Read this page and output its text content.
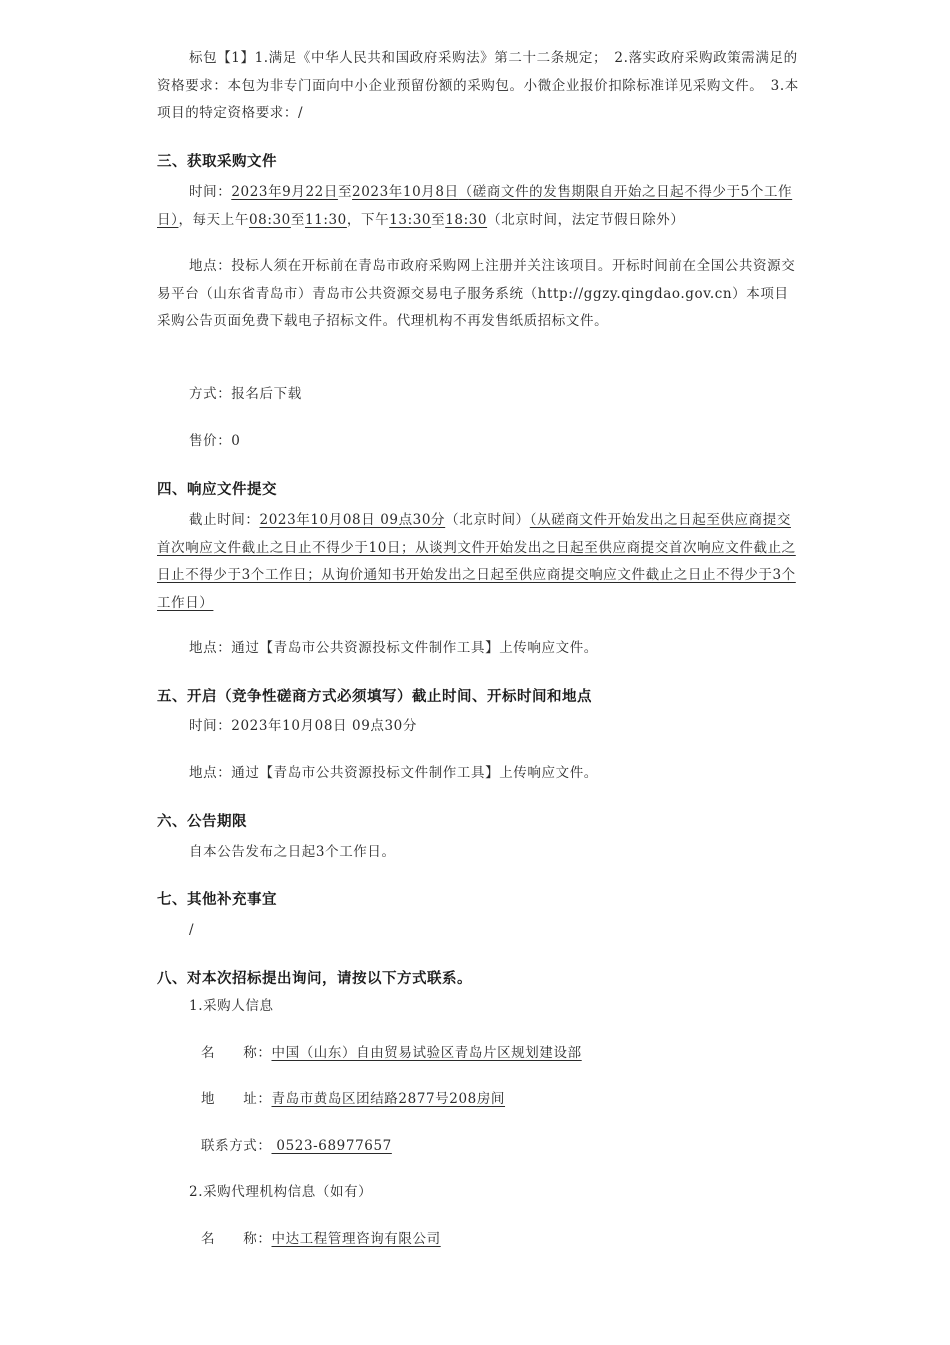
标包【1】1.满足《中华人民共和国政府采购法》第二十二条规定；　2.落实政府采购政策需满足的资格要求：本包为非专门面向中小企业预留份额的采购包。小微企业报价扣除标准详见采购文件。　3.本项目的特定资格要求：/
三、获取采购文件
时间：2023年9月22日至2023年10月8日（磋商文件的发售期限自开始之日起不得少于5个工作日），每天上午08:30至11:30，下午13:30至18:30（北京时间，法定节假日除外）
地点：投标人须在开标前在青岛市政府采购网上注册并关注该项目。开标时间前在全国公共资源交易平台（山东省青岛市）青岛市公共资源交易电子服务系统（http://ggzy.qingdao.gov.cn）本项目采购公告页面免费下载电子招标文件。代理机构不再发售纸质招标文件。
方式：报名后下载
售价：0
四、响应文件提交
截止时间：2023年10月08日 09点30分（北京时间）（从磋商文件开始发出之日起至供应商提交首次响应文件截止之日止不得少于10日；从谈判文件开始发出之日起至供应商提交首次响应文件截止之日止不得少于3个工作日；从询价通知书开始发出之日起至供应商提交响应文件截止之日止不得少于3个工作日）
地点：通过【青岛市公共资源投标文件制作工具】上传响应文件。
五、开启（竞争性磋商方式必须填写）截止时间、开标时间和地点
时间：2023年10月08日 09点30分
地点：通过【青岛市公共资源投标文件制作工具】上传响应文件。
六、公告期限
自本公告发布之日起3个工作日。
七、其他补充事宜
/
八、对本次招标提出询问，请按以下方式联系。
1.采购人信息
名　　称：中国（山东）自由贸易试验区青岛片区规划建设部
地　　址：青岛市黄岛区团结路2877号208房间
联系方式： 0523-68977657
2.采购代理机构信息（如有）
名　　称：中达工程管理咨询有限公司
